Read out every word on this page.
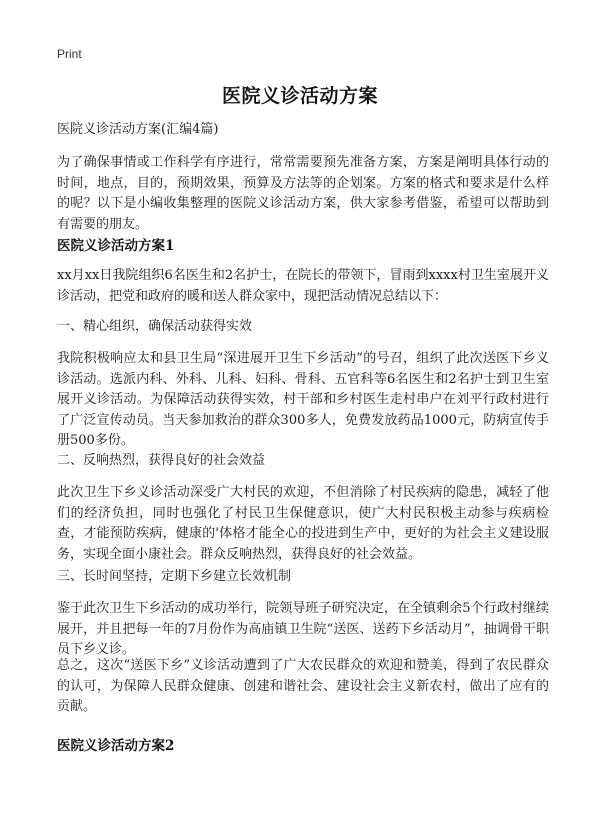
Print
医院义诊活动方案

医院义诊活动方案(汇编4篇)

为了确保事情或工作科学有序进行，常常需要预先准备方案，方案是阐明具体行动的时间，地点，目的，预期效果，预算及方法等的企划案。方案的格式和要求是什么样的呢？以下是小编收集整理的医院义诊活动方案，供大家参考借鉴，希望可以帮助到有需要的朋友。

医院义诊活动方案1

xx月xx日我院组织6名医生和2名护士，在院长的带领下，冒雨到xxxx村卫生室展开义诊活动，把党和政府的暖和送人群众家中，现把活动情况总结以下：

一、精心组织，确保活动获得实效

我院积极响应太和县卫生局“深进展开卫生下乡活动”的号召，组织了此次送医下乡义诊活动。选派内科、外科、儿科、妇科、骨科、五官科等6名医生和2名护士到卫生室展开义诊活动。为保障活动获得实效，村干部和乡村医生走村串户在刘平行政村进行了广泛宣传动员。当天参加救治的群众300多人，免费发放药品1000元，防病宣传手册500多份。

二、反响热烈，获得良好的社会效益

此次卫生下乡义诊活动深受广大村民的欢迎，不但消除了村民疾病的隐患，减轻了他们的经济负担，同时也强化了村民卫生保健意识，使广大村民积极主动参与疾病检查，才能预防疾病，健康的'体格才能全心的投进到生产中，更好的为社会主义建设服务，实现全面小康社会。群众反响热烈，获得良好的社会效益。

三、长时间坚持，定期下乡建立长效机制

鉴于此次卫生下乡活动的成功举行，院领导班子研究决定，在全镇剩余5个行政村继续展开，并且把每一年的7月份作为高庙镇卫生院“送医、送药下乡活动月”，抽调骨干职员下乡义诊。

总之，这次“送医下乡”义诊活动遭到了广大农民群众的欢迎和赞美，得到了农民群众的认可，为保障人民群众健康、创建和谐社会、建设社会主义新农村，做出了应有的贡献。

医院义诊活动方案2
